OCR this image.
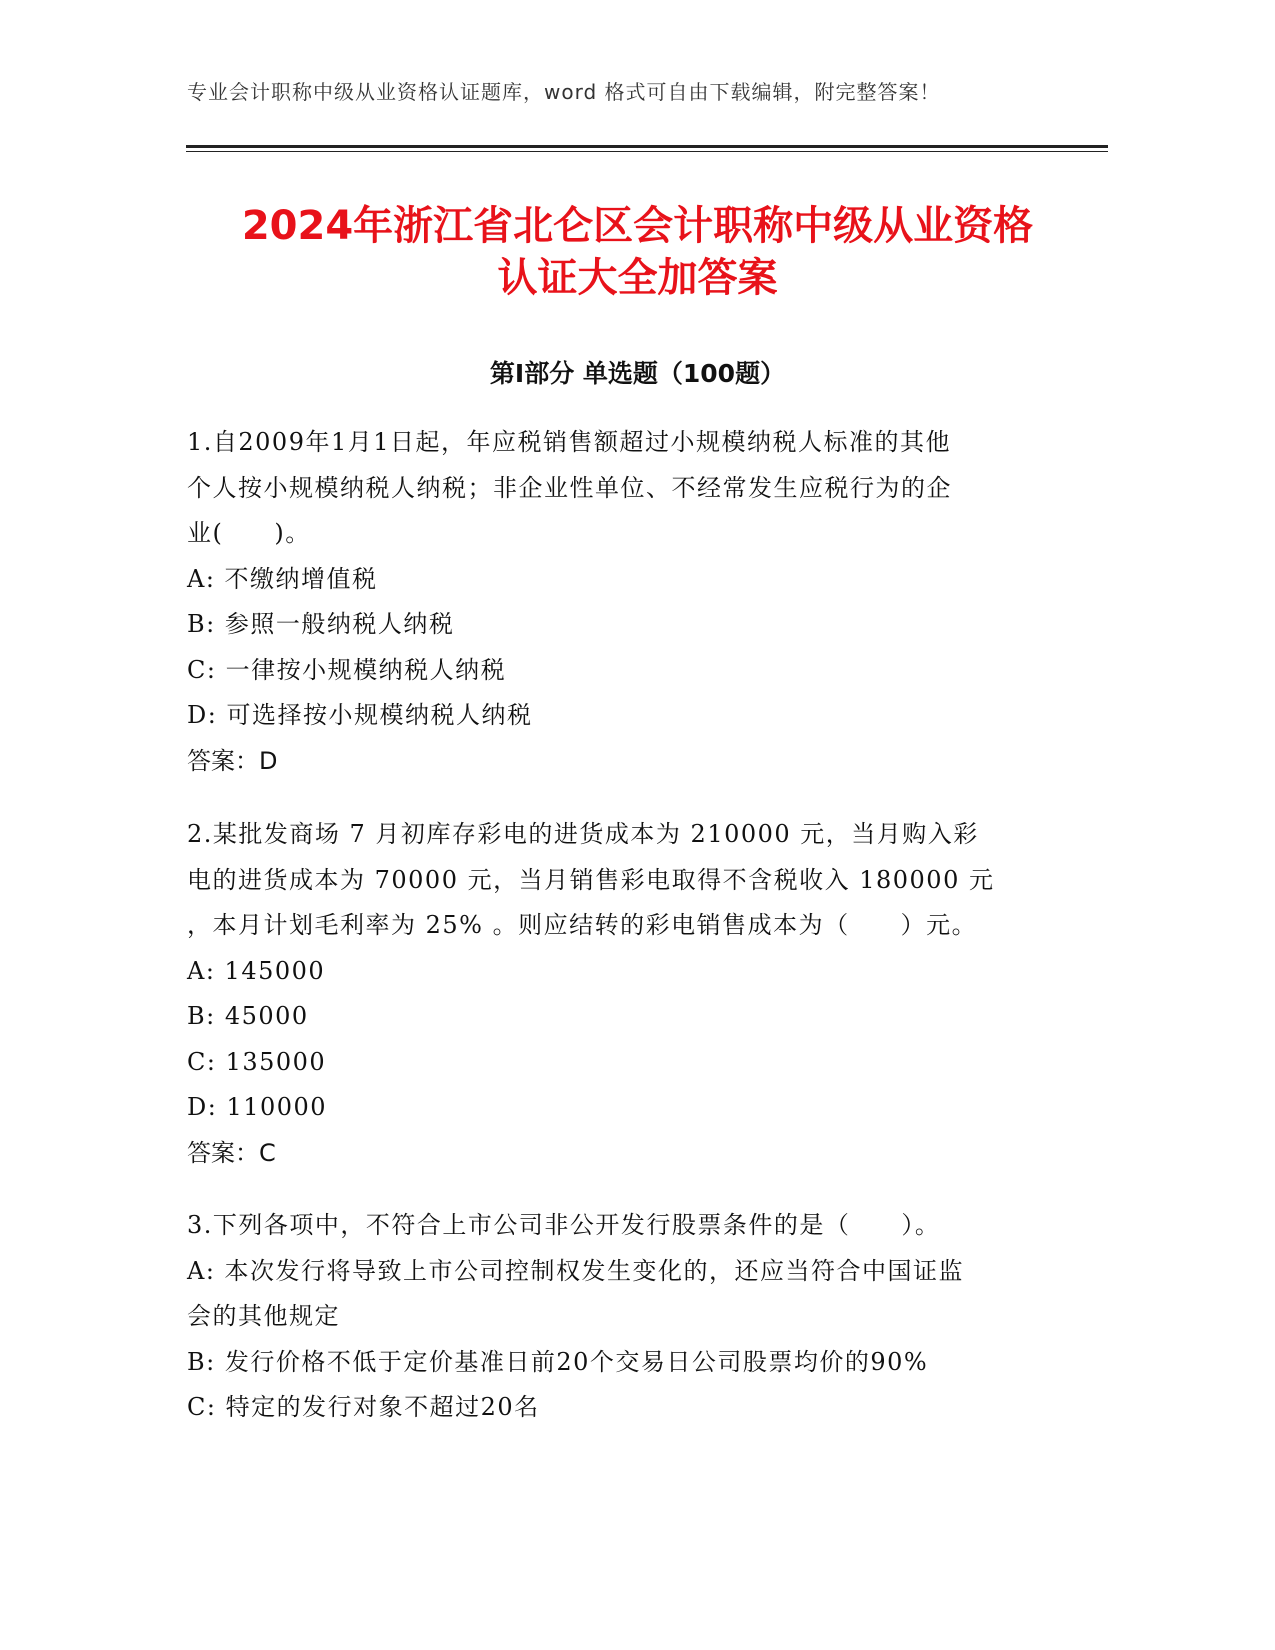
专业会计职称中级从业资格认证题库，word 格式可自由下载编辑，附完整答案！
2024年浙江省北仑区会计职称中级从业资格
认证大全加答案
第Ⅰ部分 单选题（100题）

1.自2009年1月1日起，年应税销售额超过小规模纳税人标准的其他

个人按小规模纳税人纳税；非企业性单位、不经常发生应税行为的企

业(　　)。

A: 不缴纳增值税

B: 参照一般纳税人纳税

C: 一律按小规模纳税人纳税

D: 可选择按小规模纳税人纳税

答案：D

2.某批发商场 7 月初库存彩电的进货成本为 210000 元，当月购入彩

电的进货成本为 70000 元，当月销售彩电取得不含税收入 180000 元

，本月计划毛利率为 25% 。则应结转的彩电销售成本为（　　）元。

A: 145000

B: 45000

C: 135000

D: 110000

答案：C

3.下列各项中，不符合上市公司非公开发行股票条件的是（　　）。

A: 本次发行将导致上市公司控制权发生变化的，还应当符合中国证监

会的其他规定

B: 发行价格不低于定价基准日前20个交易日公司股票均价的90%

C: 特定的发行对象不超过20名
